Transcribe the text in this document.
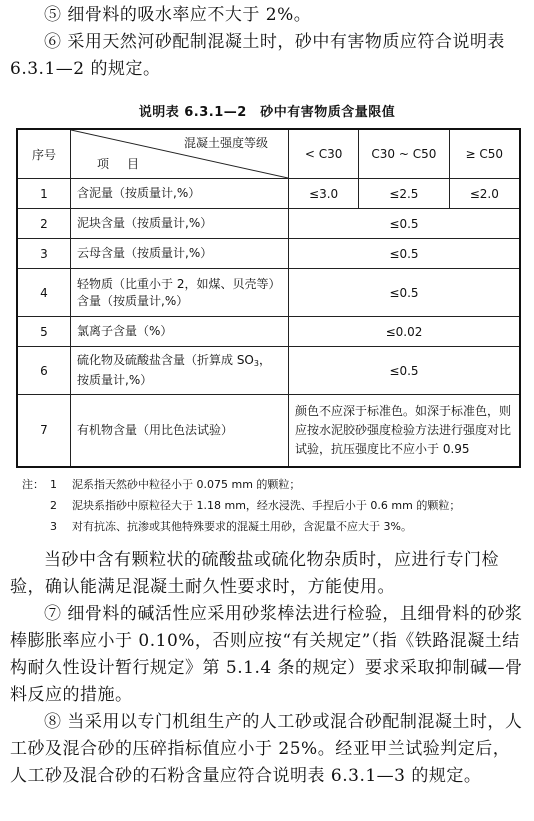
⑤ 细骨料的吸水率应不大于 2%。

⑥ 采用天然河砂配制混凝土时，砂中有害物质应符合说明表 6.3.1—2 的规定。

说明表 6.3.1—2　砂中有害物质含量限值
序号	混凝土强度等级
项目	< C30	C30 ~ C50	≥ C50
1	含泥量（按质量计,%）	≤3.0	≤2.5	≤2.0
2	泥块含量（按质量计,%）	≤0.5		
3	云母含量（按质量计,%）	≤0.5		
4	轻物质（比重小于 2，如煤、贝壳等）含量（按质量计,%）	≤0.5		
5	氯离子含量（%）	≤0.02		
6	硫化物及硫酸盐含量（折算成 $SO_3$，按质量计,%）	≤0.5		
7	有机物含量（用比色法试验）	颜色不应深于标准色。如深于标准色，则应按水泥胶砂强度检验方法进行强度对比试验，抗压强度比不应小于 0.95		
注： 1	泥系指天然砂中粒径小于 0.075 mm 的颗粒；
2	泥块系指砂中原粒径大于 1.18 mm，经水浸洗、手捏后小于 0.6 mm 的颗粒；
3	对有抗冻、抗渗或其他特殊要求的混凝土用砂，含泥量不应大于 3%。

当砂中含有颗粒状的硫酸盐或硫化物杂质时，应进行专门检验，确认能满足混凝土耐久性要求时，方能使用。

⑦ 细骨料的碱活性应采用砂浆棒法进行检验，且细骨料的砂浆棒膨胀率应小于 0.10%，否则应按“有关规定”（指《铁路混凝土结构耐久性设计暂行规定》第 5.1.4 条的规定）要求采取抑制碱—骨料反应的措施。

⑧ 当采用以专门机组生产的人工砂或混合砂配制混凝土时，人工砂及混合砂的压碎指标值应小于 25%。经亚甲兰试验判定后，人工砂及混合砂的石粉含量应符合说明表 6.3.1—3 的规定。
